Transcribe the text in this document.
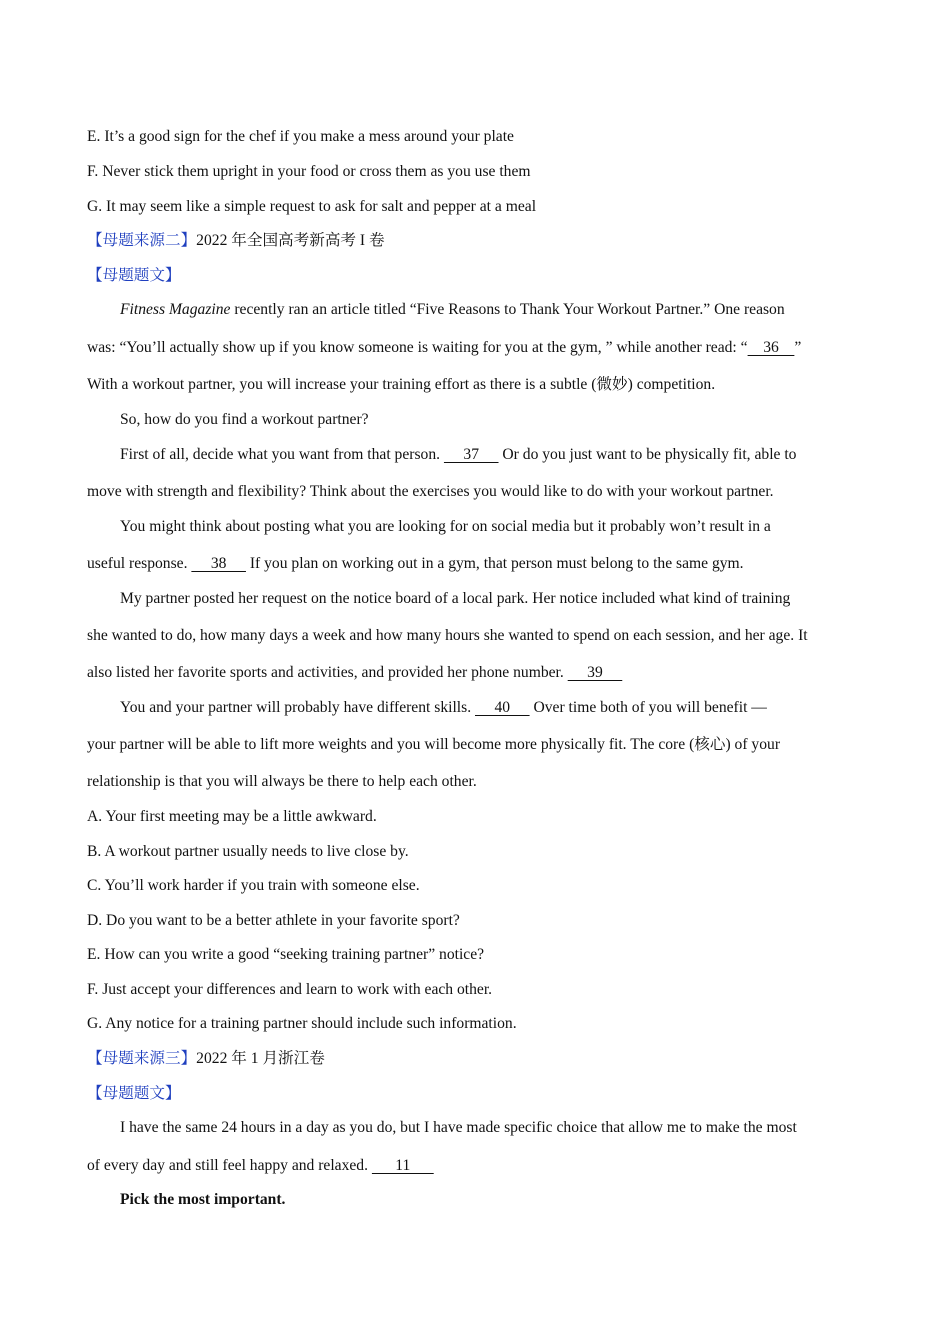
E. It’s a good sign for the chef if you make a mess around your plate
F. Never stick them upright in your food or cross them as you use them
G. It may seem like a simple request to ask for salt and pepper at a meal
【母题来源二】2022 年全国高考新高考 I 卷
【母题题文】
Fitness Magazine recently ran an article titled “Five Reasons to Thank Your Workout Partner.” One reason
was: “You’ll actually show up if you know someone is waiting for you at the gym, ” while another read: “    36    ”
With a workout partner, you will increase your training effort as there is a subtle (微妙) competition.
So, how do you find a workout partner?
First of all, decide what you want from that person.      37      Or do you just want to be physically fit, able to
move with strength and flexibility? Think about the exercises you would like to do with your workout partner.
You might think about posting what you are looking for on social media but it probably won’t result in a
useful response.      38      If you plan on working out in a gym, that person must belong to the same gym.
My partner posted her request on the notice board of a local park. Her notice included what kind of training
she wanted to do, how many days a week and how many hours she wanted to spend on each session, and her age. It
also listed her favorite sports and activities, and provided her phone number.      39
You and your partner will probably have different skills.      40      Over time both of you will benefit —
your partner will be able to lift more weights and you will become more physically fit. The core (核心) of your
relationship is that you will always be there to help each other.
A. Your first meeting may be a little awkward.
B. A workout partner usually needs to live close by.
C. You’ll work harder if you train with someone else.
D. Do you want to be a better athlete in your favorite sport?
E. How can you write a good “seeking training partner” notice?
F. Just accept your differences and learn to work with each other.
G. Any notice for a training partner should include such information.
【母题来源三】2022 年 1 月浙江卷
【母题题文】
I have the same 24 hours in a day as you do, but I have made specific choice that allow me to make the most
of every day and still feel happy and relaxed.       11
Pick the most important.
